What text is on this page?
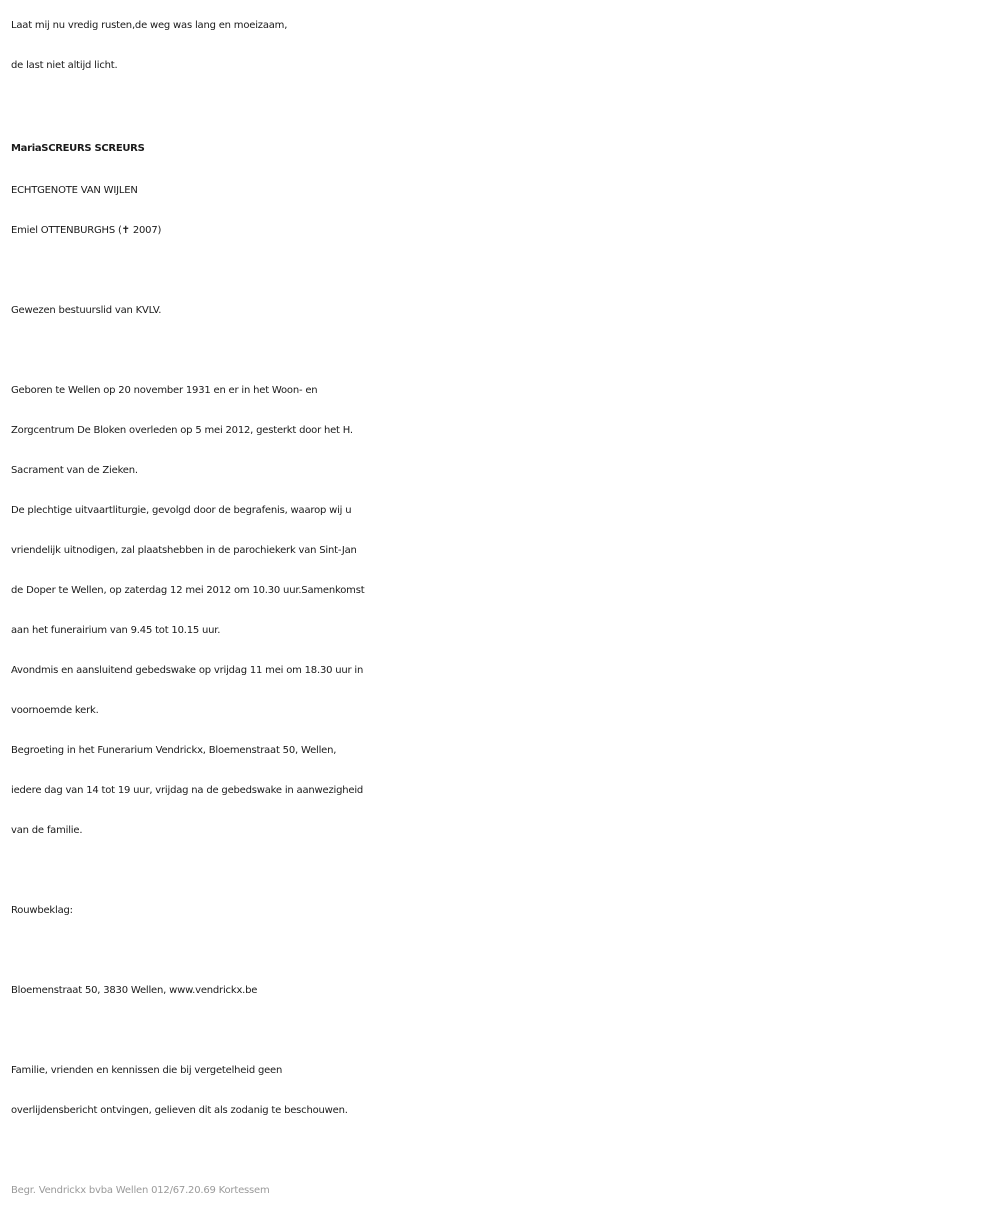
Laat mij nu vredig rusten,de weg was lang en moeizaam,
de last niet altijd licht.
MariaSCREURS SCREURS
ECHTGENOTE VAN WIJLEN
Emiel OTTENBURGHS (✝ 2007)
Gewezen bestuurslid van KVLV.
Geboren te Wellen op 20 november 1931 en er in het Woon- en
Zorgcentrum De Bloken overleden op 5 mei 2012, gesterkt door het H.
Sacrament van de Zieken.
De plechtige uitvaartliturgie, gevolgd door de begrafenis, waarop wij u
vriendelijk uitnodigen, zal plaatshebben in de parochiekerk van Sint-Jan
de Doper te Wellen, op zaterdag 12 mei 2012 om 10.30 uur.Samenkomst
aan het funerairium van 9.45 tot 10.15 uur.
Avondmis en aansluitend gebedswake op vrijdag 11 mei om 18.30 uur in
voornoemde kerk.
Begroeting in het Funerarium Vendrickx, Bloemenstraat 50, Wellen,
iedere dag van 14 tot 19 uur, vrijdag na de gebedswake in aanwezigheid
van de familie.
Rouwbeklag:
Bloemenstraat 50, 3830 Wellen, www.vendrickx.be
Familie, vrienden en kennissen die bij vergetelheid geen
overlijdensbericht ontvingen, gelieven dit als zodanig te beschouwen.
Begr. Vendrickx bvba Wellen 012/67.20.69 Kortessem
